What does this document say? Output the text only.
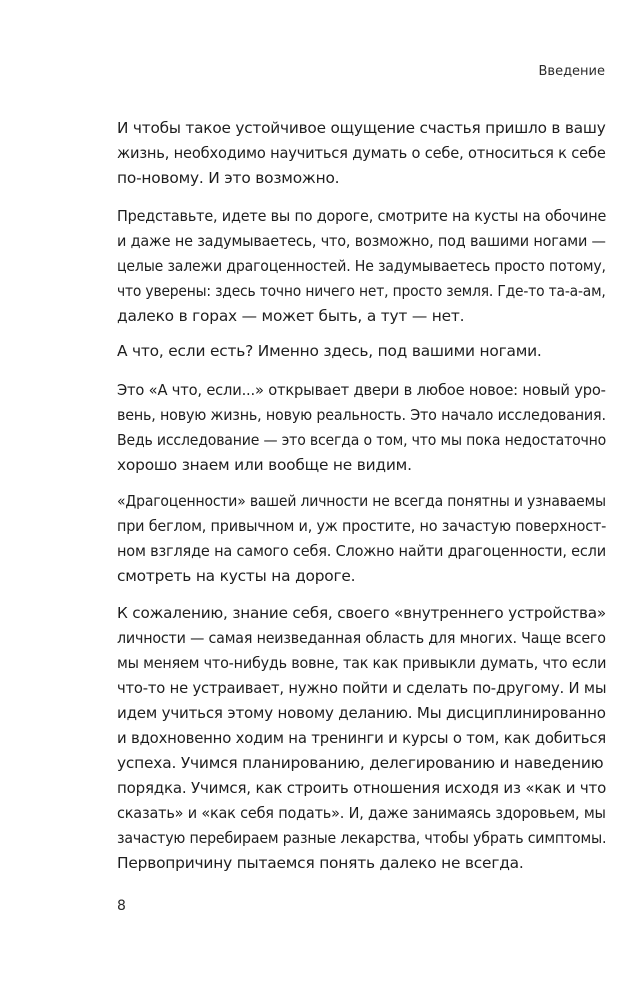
Введение

И чтобы такое устойчивое ощущение счастья пришло в вашу
жизнь, необходимо научиться думать о себе, относиться к себе
по-новому. И это возможно.
Представьте, идете вы по дороге, смотрите на кусты на обочине
и даже не задумываетесь, что, возможно, под вашими ногами —
целые залежи драгоценностей. Не задумываетесь просто потому,
что уверены: здесь точно ничего нет, просто земля. Где-то та-а-ам,
далеко в горах — может быть, а тут — нет.
А что, если есть? Именно здесь, под вашими ногами.
Это «А что, если...» открывает двери в любое новое: новый уро-
вень, новую жизнь, новую реальность. Это начало исследования.
Ведь исследование — это всегда о том, что мы пока недостаточно
хорошо знаем или вообще не видим.
«Драгоценности» вашей личности не всегда понятны и узнаваемы
при беглом, привычном и, уж простите, но зачастую поверхност-
ном взгляде на самого себя. Сложно найти драгоценности, если
смотреть на кусты на дороге.
К сожалению, знание себя, своего «внутреннего устройства»
личности — самая неизведанная область для многих. Чаще всего
мы меняем что-нибудь вовне, так как привыкли думать, что если
что-то не устраивает, нужно пойти и сделать по-другому. И мы
идем учиться этому новому деланию. Мы дисциплинированно
и вдохновенно ходим на тренинги и курсы о том, как добиться
успеха. Учимся планированию, делегированию и наведению
порядка. Учимся, как строить отношения исходя из «как и что
сказать» и «как себя подать». И, даже занимаясь здоровьем, мы
зачастую перебираем разные лекарства, чтобы убрать симптомы.
Первопричину пытаемся понять далеко не всегда.

8
